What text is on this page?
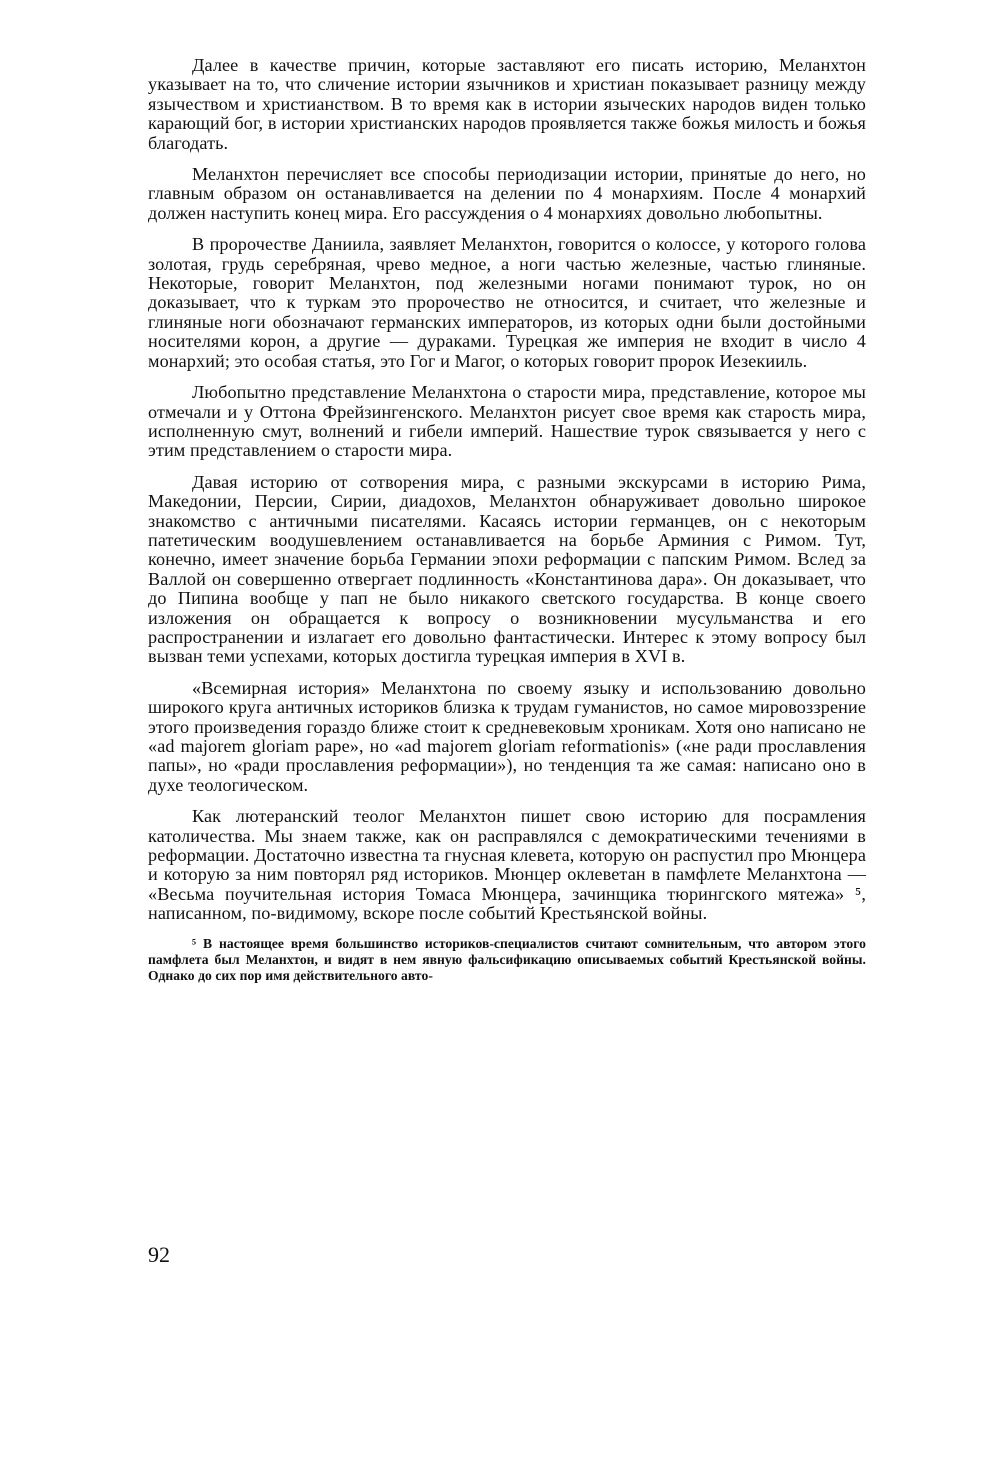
Далее в качестве причин, которые заставляют его писать историю, Меланхтон указывает на то, что сличение истории язычников и христиан показывает разницу между язычеством и христианством. В то время как в истории языческих народов виден только карающий бог, в истории христианских народов проявляется также божья милость и божья благодать.

Меланхтон перечисляет все способы периодизации истории, принятые до него, но главным образом он останавливается на делении по 4 монархиям. После 4 монархий должен наступить конец мира. Его рассуждения о 4 монархиях довольно любопытны.

В пророчестве Даниила, заявляет Меланхтон, говорится о колоссе, у которого голова золотая, грудь серебряная, чрево медное, а ноги частью железные, частью глиняные. Некоторые, говорит Меланхтон, под железными ногами понимают турок, но он доказывает, что к туркам это пророчество не относится, и считает, что железные и глиняные ноги обозначают германских императоров, из которых одни были достойными носителями корон, а другие — дураками. Турецкая же империя не входит в число 4 монархий; это особая статья, это Гог и Магог, о которых говорит пророк Иезекииль.

Любопытно представление Меланхтона о старости мира, представление, которое мы отмечали и у Оттона Фрейзингенского. Меланхтон рисует свое время как старость мира, исполненную смут, волнений и гибели империй. Нашествие турок связывается у него с этим представлением о старости мира.

Давая историю от сотворения мира, с разными экскурсами в историю Рима, Македонии, Персии, Сирии, диадохов, Меланхтон обнаруживает довольно широкое знакомство с античными писателями. Касаясь истории германцев, он с некоторым патетическим воодушевлением останавливается на борьбе Арминия с Римом. Тут, конечно, имеет значение борьба Германии эпохи реформации с папским Римом. Вслед за Валлой он совершенно отвергает подлинность «Константинова дара». Он доказывает, что до Пипина вообще у пап не было никакого светского государства. В конце своего изложения он обращается к вопросу о возникновении мусульманства и его распространении и излагает его довольно фантастически. Интерес к этому вопросу был вызван теми успехами, которых достигла турецкая империя в XVI в.

«Всемирная история» Меланхтона по своему языку и использованию довольно широкого круга античных историков близка к трудам гуманистов, но самое мировоззрение этого произведения гораздо ближе стоит к средневековым хроникам. Хотя оно написано не «ad majorem gloriam pape», но «ad majorem gloriam reformationis» («не ради прославления папы», но «ради прославления реформации»), но тенденция та же самая: написано оно в духе теологическом.

Как лютеранский теолог Меланхтон пишет свою историю для посрамления католичества. Мы знаем также, как он расправлялся с демократическими течениями в реформации. Достаточно известна та гнусная клевета, которую он распустил про Мюнцера и которую за ним повторял ряд историков. Мюнцер оклеветан в памфлете Меланхтона — «Весьма поучительная история Томаса Мюнцера, зачинщика тюрингского мятежа» ⁵, написанном, по-видимому, вскоре после событий Крестьянской войны.

⁵ В настоящее время большинство историков-специалистов считают сомнительным, что автором этого памфлета был Меланхтон, и видят в нем явную фальсификацию описываемых событий Крестьянской войны. Однако до сих пор имя действительного авто-

92
